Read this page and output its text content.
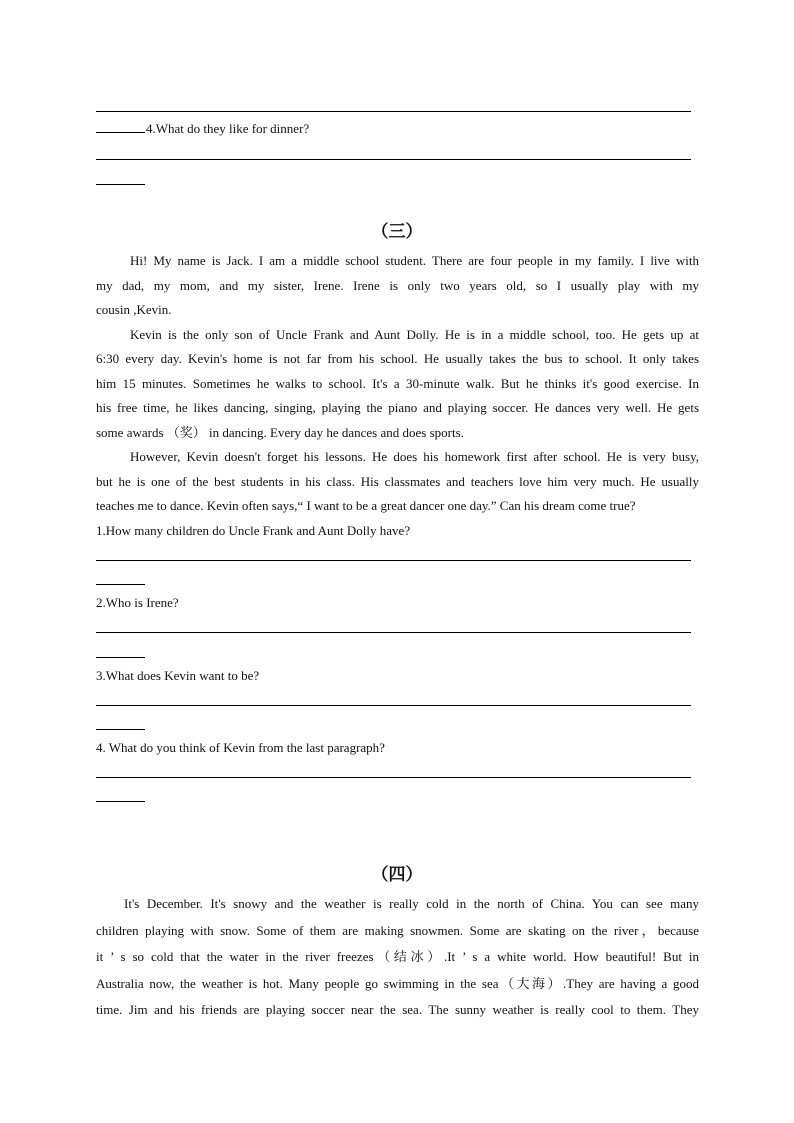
4.What do they like for dinner?
（三）
Hi! My name is Jack. I am a middle school student. There are four people in my family. I live with
my dad, my mom, and my sister, Irene. Irene is only two years old, so I usually play with my
cousin ,Kevin.
Kevin is the only son of Uncle Frank and Aunt Dolly. He is in a middle school, too. He gets up at
6:30 every day. Kevin's home is not far from his school. He usually takes the bus to school. It only takes
him 15 minutes. Sometimes he walks to school. It's a 30-minute walk. But he thinks it's good exercise. In
his free time, he likes dancing, singing, playing the piano and playing soccer. He dances very well. He gets
some awards （奖） in dancing. Every day he dances and does sports.
However, Kevin doesn't forget his lessons. He does his homework first after school. He is very busy,
but he is one of the best students in his class. His classmates and teachers love him very much. He usually
teaches me to dance. Kevin often says,“ I want to be a great dancer one day.” Can his dream come true?
1.How many children do Uncle Frank and Aunt Dolly have?
2.Who is Irene?
3.What does Kevin want to be?
4. What do you think of Kevin from the last paragraph?
（四）
It's December. It's snowy and the weather is really cold in the north of China. You can see many
children playing with snow. Some of them are making snowmen. Some are skating on the river，because
it ’ s so cold that the water in the river freezes（结冰）.It ’ s a white world. How beautiful! But in
Australia now, the weather is hot. Many people go swimming in the sea（大海）.They are having a good
time. Jim and his friends are playing soccer near the sea. The sunny weather is really cool to them. They
